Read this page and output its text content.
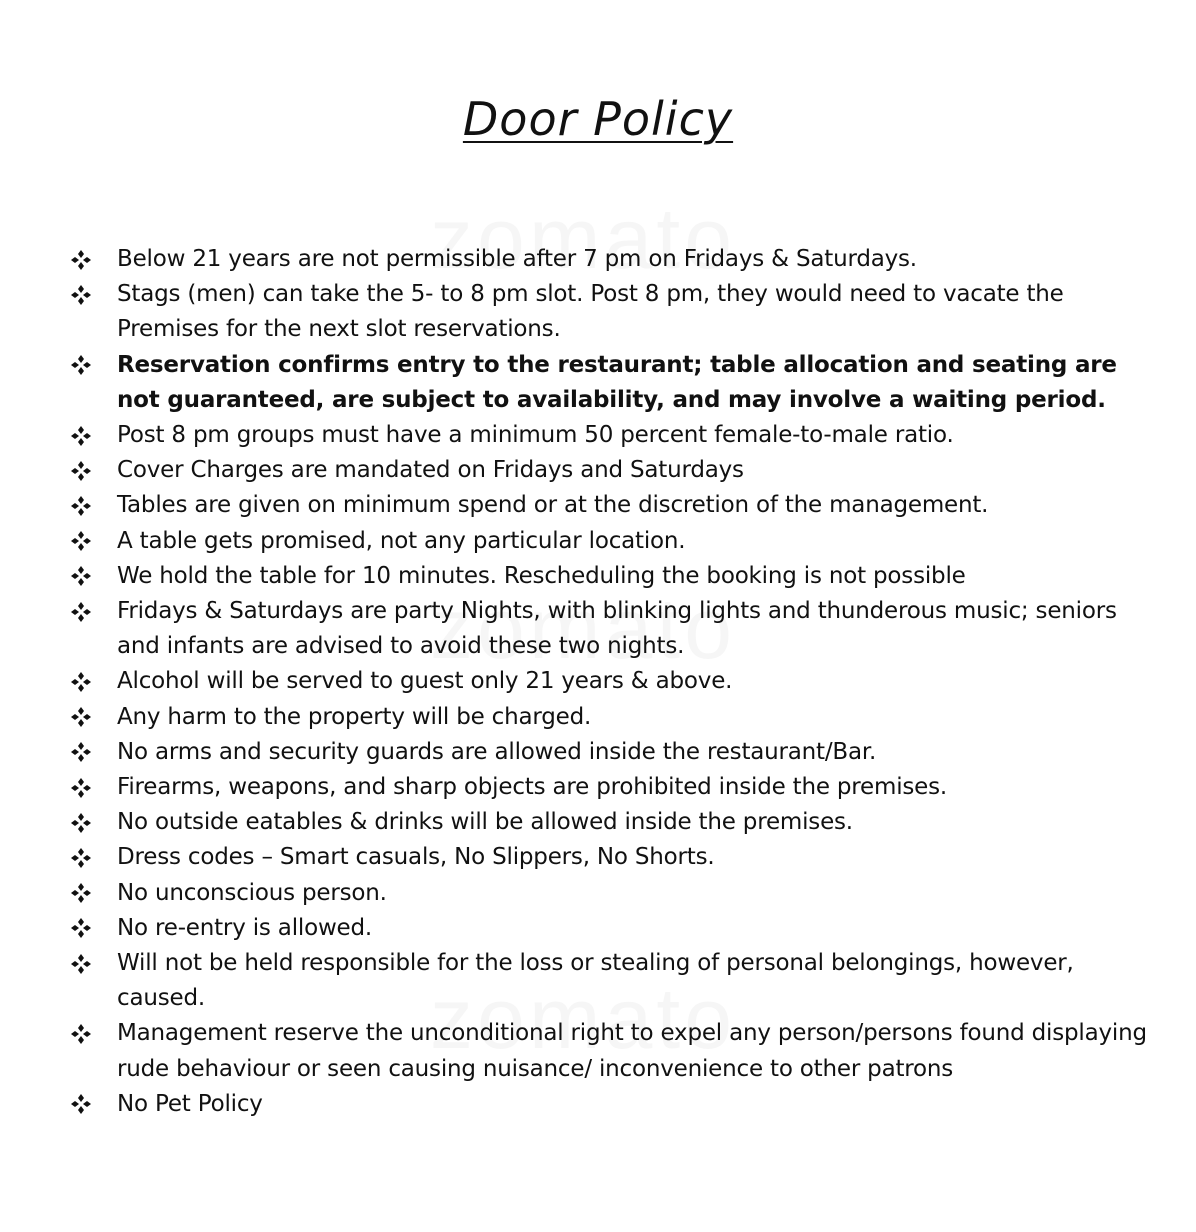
Door Policy
Below 21 years are not permissible after 7 pm on Fridays & Saturdays.
Stags (men) can take the 5- to 8 pm slot. Post 8 pm, they would need to vacate the Premises for the next slot reservations.
Reservation confirms entry to the restaurant; table allocation and seating are not guaranteed, are subject to availability, and may involve a waiting period.
Post 8 pm groups must have a minimum 50 percent female-to-male ratio.
Cover Charges are mandated on Fridays and Saturdays
Tables are given on minimum spend or at the discretion of the management.
A table gets promised, not any particular location.
We hold the table for 10 minutes. Rescheduling the booking is not possible
Fridays & Saturdays are party Nights, with blinking lights and thunderous music; seniors and infants are advised to avoid these two nights.
Alcohol will be served to guest only 21 years & above.
Any harm to the property will be charged.
No arms and security guards are allowed inside the restaurant/Bar.
Firearms, weapons, and sharp objects are prohibited inside the premises.
No outside eatables & drinks will be allowed inside the premises.
Dress codes – Smart casuals, No Slippers, No Shorts.
No unconscious person.
No re-entry is allowed.
Will not be held responsible for the loss or stealing of personal belongings, however, caused.
Management reserve the unconditional right to expel any person/persons found displaying rude behaviour or seen causing nuisance/ inconvenience to other patrons
No Pet Policy
